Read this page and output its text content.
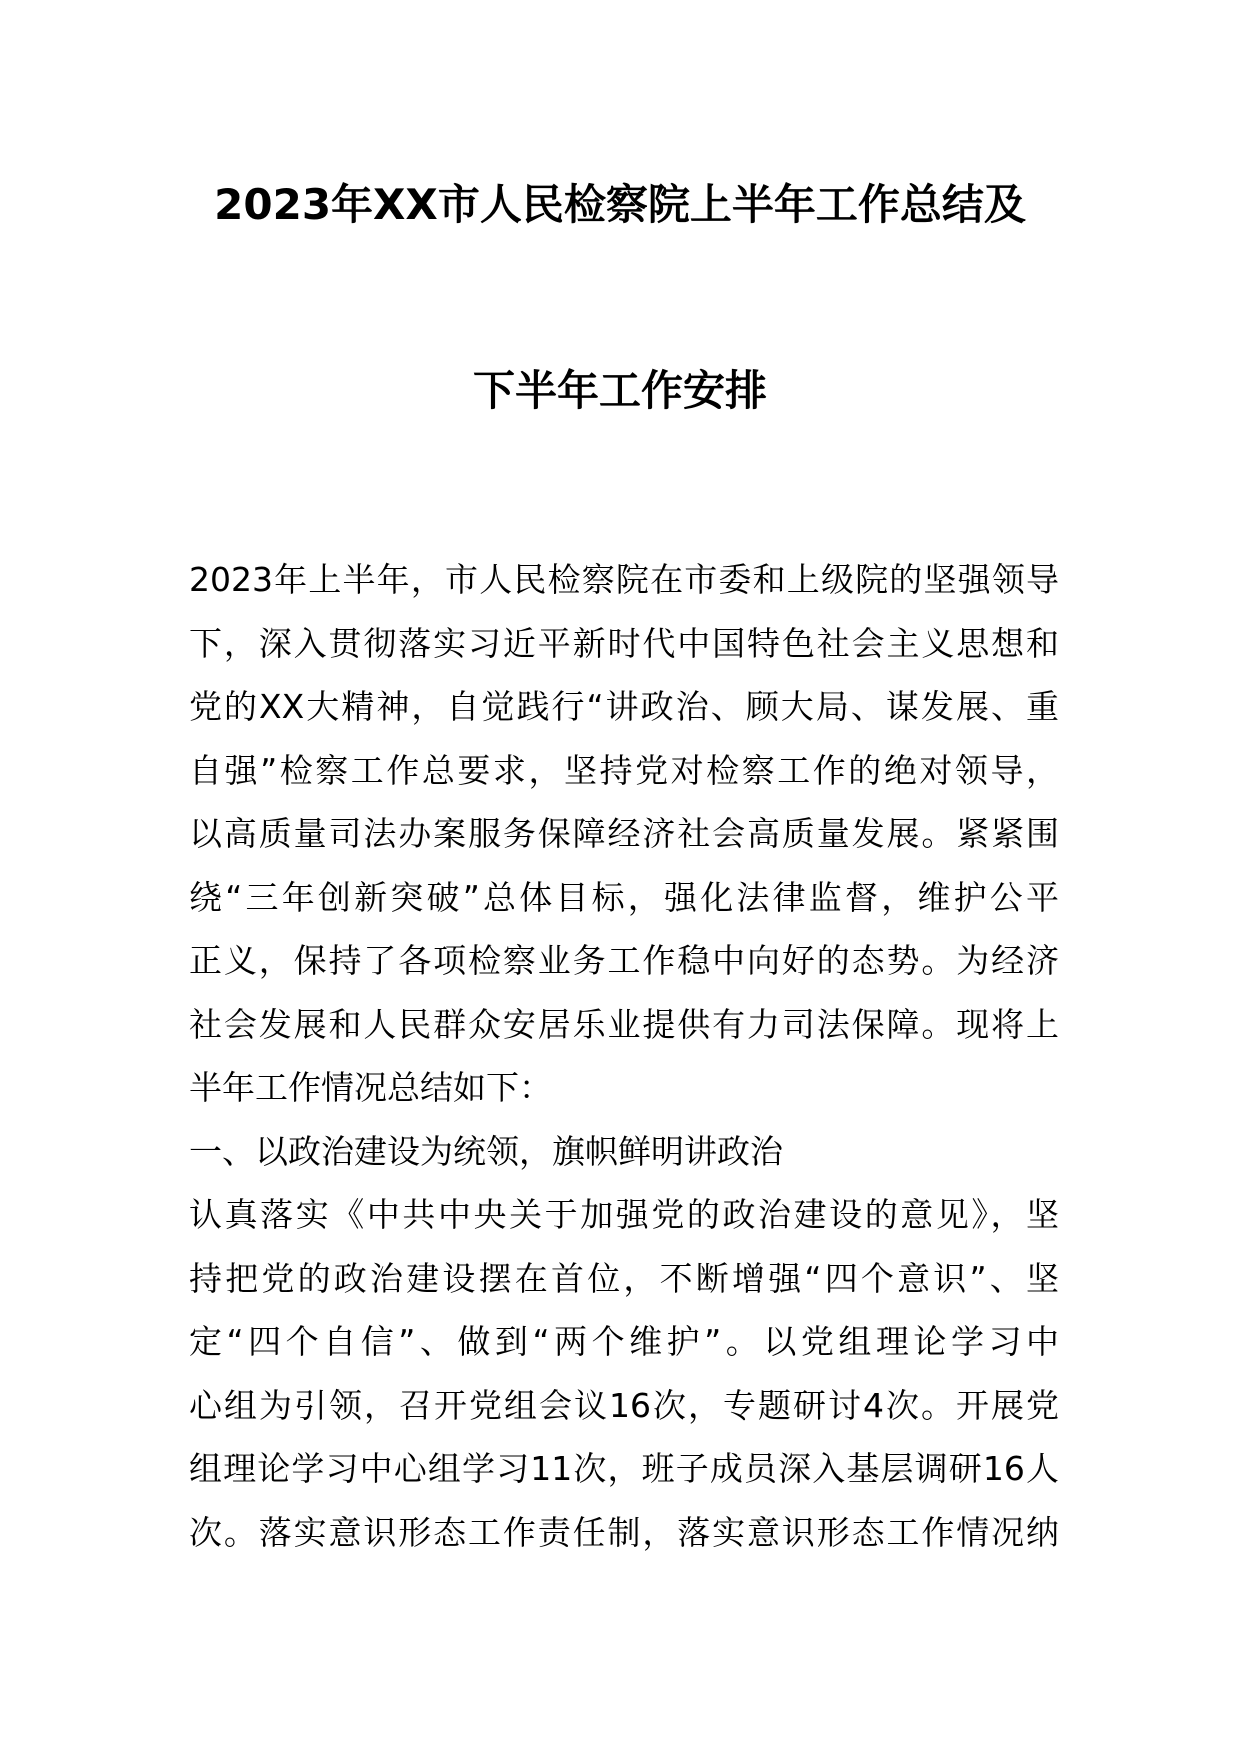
2023年XX市人民检察院上半年工作总结及
下半年工作安排
2023年上半年，市人民检察院在市委和上级院的坚强领导
下，深入贯彻落实习近平新时代中国特色社会主义思想和
党的XX大精神，自觉践行“讲政治、顾大局、谋发展、重
自强”检察工作总要求，坚持党对检察工作的绝对领导，
以高质量司法办案服务保障经济社会高质量发展。紧紧围
绕“三年创新突破”总体目标，强化法律监督，维护公平
正义，保持了各项检察业务工作稳中向好的态势。为经济
社会发展和人民群众安居乐业提供有力司法保障。现将上
半年工作情况总结如下：
一、以政治建设为统领，旗帜鲜明讲政治
认真落实《中共中央关于加强党的政治建设的意见》，坚
持把党的政治建设摆在首位，不断增强“四个意识”、坚
定“四个自信”、做到“两个维护”。以党组理论学习中
心组为引领，召开党组会议16次，专题研讨4次。开展党
组理论学习中心组学习11次，班子成员深入基层调研16人
次。落实意识形态工作责任制，落实意识形态工作情况纳
